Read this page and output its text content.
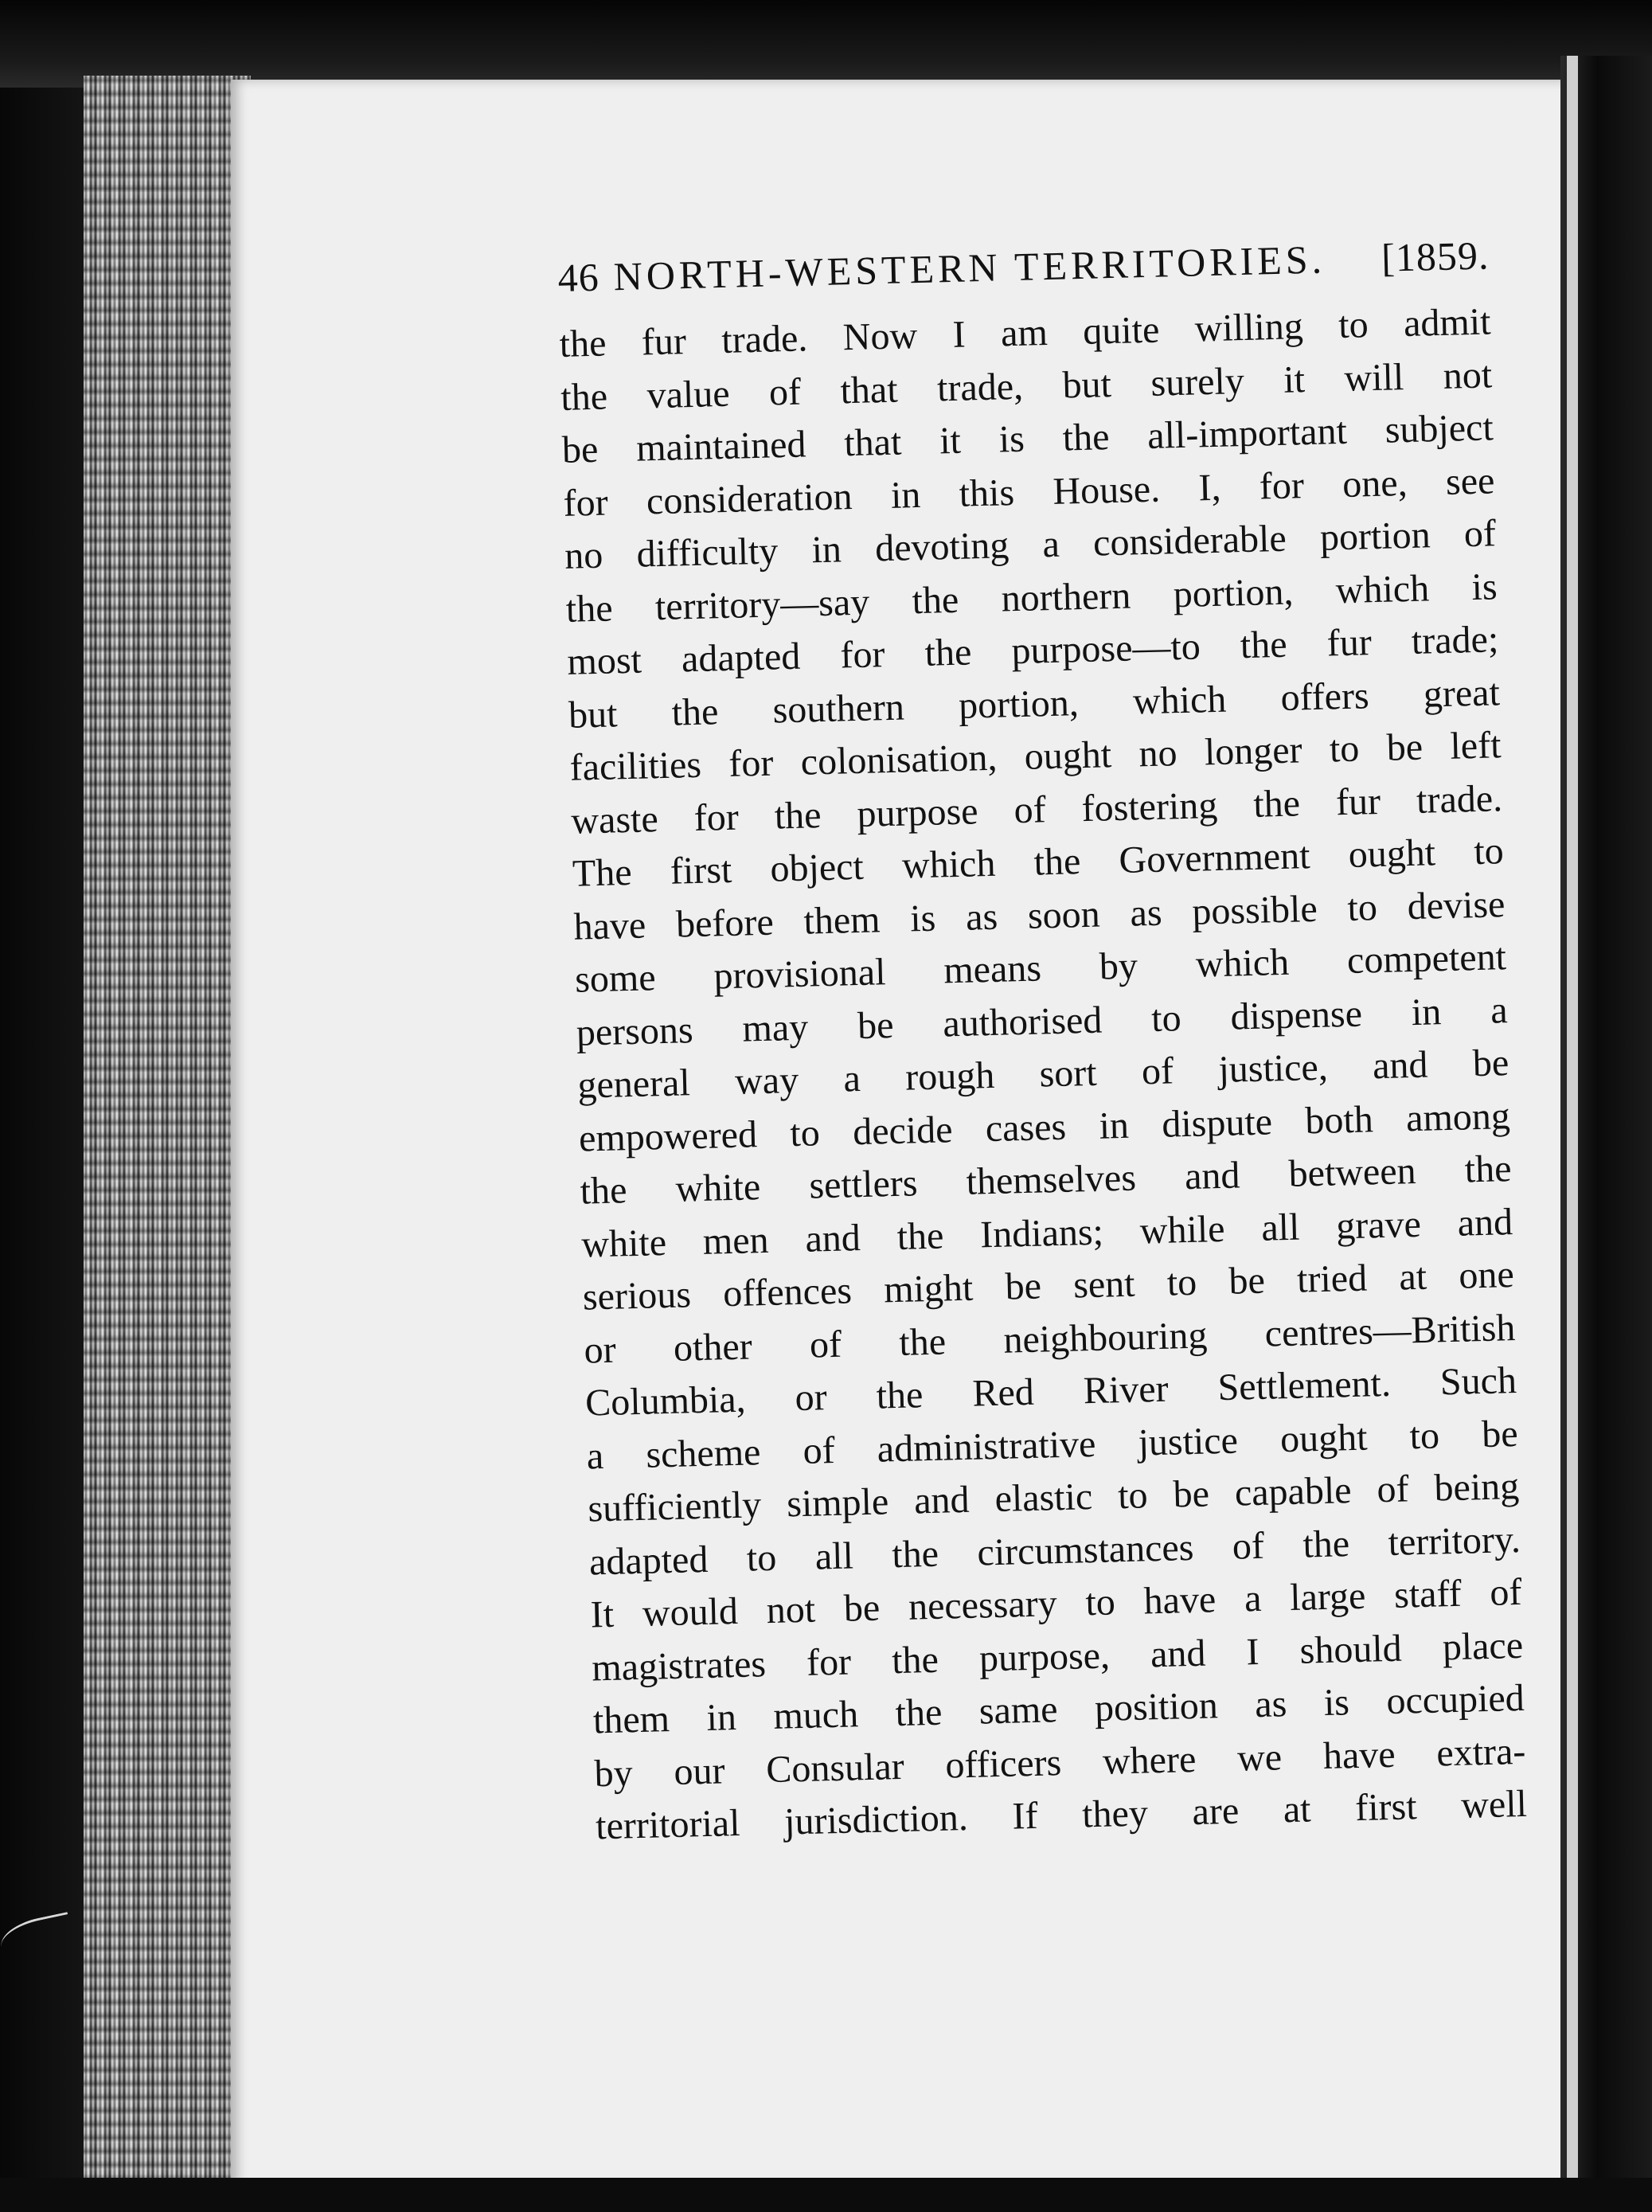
46 NORTH-WESTERN TERRITORIES.	[1859.
the fur trade. Now I am quite willing to admit
the value of that trade, but surely it will not
be maintained that it is the all-important subject
for consideration in this House. I, for one, see
no difficulty in devoting a considerable portion of
the territory—say the northern portion, which is
most adapted for the purpose—to the fur trade;
but the southern portion, which offers great
facilities for colonisation, ought no longer to be left
waste for the purpose of fostering the fur trade.
The first object which the Government ought to
have before them is as soon as possible to devise
some provisional means by which competent
persons may be authorised to dispense in a
general way a rough sort of justice, and be
empowered to decide cases in dispute both among
the white settlers themselves and between the
white men and the Indians; while all grave and
serious offences might be sent to be tried at one
or other of the neighbouring centres—British
Columbia, or the Red River Settlement. Such
a scheme of administrative justice ought to be
sufficiently simple and elastic to be capable of being
adapted to all the circumstances of the territory.
It would not be necessary to have a large staff of
magistrates for the purpose, and I should place
them in much the same position as is occupied
by our Consular officers where we have extra-
territorial jurisdiction. If they are at first well
